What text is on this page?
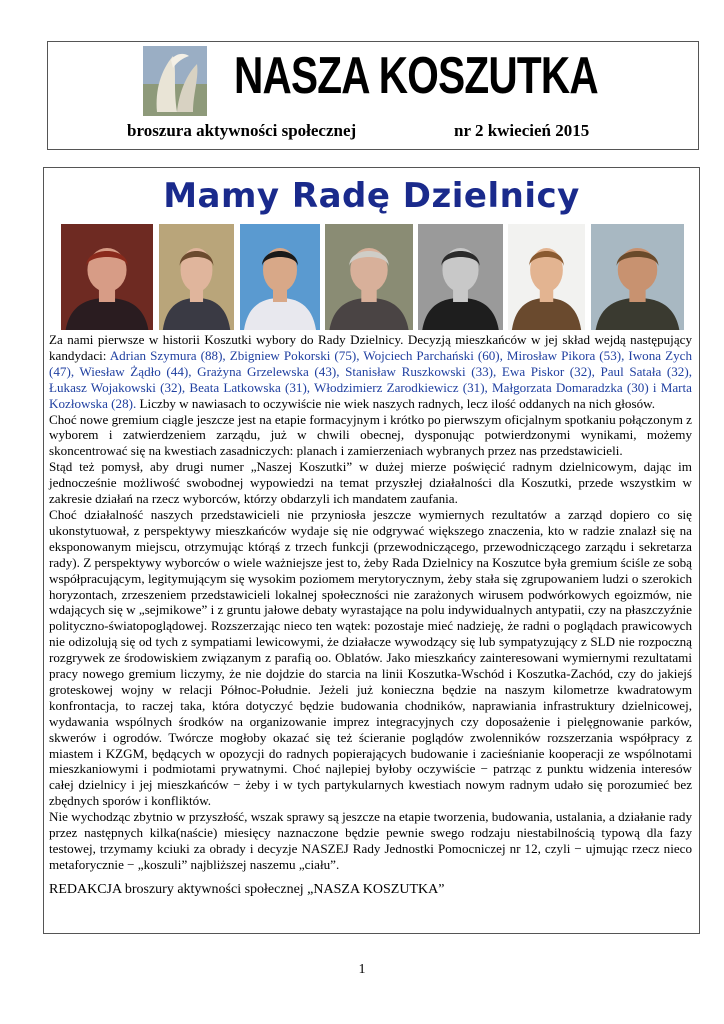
NASZA KOSZUTKA
broszura aktywności społecznej	nr 2 kwiecień 2015
Mamy Radę Dzielnicy

Za nami pierwsze w historii Koszutki wybory do Rady Dzielnicy. Decyzją mieszkańców w jej skład wejdą następujący kandydaci: Adrian Szymura (88), Zbigniew Pokorski (75), Wojciech Parchański (60), Mirosław Pikora (53), Iwona Zych (47), Wiesław Żądło (44), Grażyna Grzelewska (43), Stanisław Ruszkowski (33), Ewa Piskor (32), Paul Satała (32), Łukasz Wojakowski (32), Beata Latkowska (31), Włodzimierz Zarodkiewicz (31), Małgorzata Domaradzka (30) i Marta Kozłowska (28). Liczby w nawiasach to oczywiście nie wiek naszych radnych, lecz ilość oddanych na nich głosów.

Choć nowe gremium ciągle jeszcze jest na etapie formacyjnym i krótko po pierwszym oficjalnym spotkaniu połączonym z wyborem i zatwierdzeniem zarządu, już w chwili obecnej, dysponując potwierdzonymi wynikami, możemy skoncentrować się na kwestiach zasadniczych: planach i zamierzeniach wybranych przez nas przedstawicieli.

Stąd też pomysł, aby drugi numer „Naszej Koszutki” w dużej mierze poświęcić radnym dzielnicowym, dając im jednocześnie możliwość swobodnej wypowiedzi na temat przyszłej działalności dla Koszutki, przede wszystkim w zakresie działań na rzecz wyborców, którzy obdarzyli ich mandatem zaufania.

Choć działalność naszych przedstawicieli nie przyniosła jeszcze wymiernych rezultatów a zarząd dopiero co się ukonstytuował, z perspektywy mieszkańców wydaje się nie odgrywać większego znaczenia, kto w radzie znalazł się na eksponowanym miejscu, otrzymując którąś z trzech funkcji (przewodniczącego, przewodniczącego zarządu i sekretarza rady). Z perspektywy wyborców o wiele ważniejsze jest to, żeby Rada Dzielnicy na Koszutce była gremium ściśle ze sobą współpracującym, legitymującym się wysokim poziomem merytorycznym, żeby stała się zgrupowaniem ludzi o szerokich horyzontach, zrzeszeniem przedstawicieli lokalnej społeczności nie zarażonych wirusem podwórkowych egoizmów, nie wdających się w „sejmikowe” i z gruntu jałowe debaty wyrastające na polu indywidualnych antypatii, czy na płaszczyźnie polityczno-światopoglądowej. Rozszerzając nieco ten wątek: pozostaje mieć nadzieję, że radni o poglądach prawicowych nie odizolują się od tych z sympatiami lewicowymi, że działacze wywodzący się lub sympatyzujący z SLD nie rozpoczną rozgrywek ze środowiskiem związanym z parafią oo. Oblatów. Jako mieszkańcy zainteresowani wymiernymi rezultatami pracy nowego gremium liczymy, że nie dojdzie do starcia na linii Koszutka-Wschód i Koszutka-Zachód, czy do jakiejś groteskowej wojny w relacji Północ-Południe. Jeżeli już konieczna będzie na naszym kilometrze kwadratowym konfrontacja, to raczej taka, która dotyczyć będzie budowania chodników, naprawiania infrastruktury dzielnicowej, wydawania wspólnych środków na organizowanie imprez integracyjnych czy doposażenie i pielęgnowanie parków, skwerów i ogrodów. Twórcze mogłoby okazać się też ścieranie poglądów zwolenników rozszerzania współpracy z miastem i KZGM, będących w opozycji do radnych popierających budowanie i zacieśnianie kooperacji ze wspólnotami mieszkaniowymi i podmiotami prywatnymi. Choć najlepiej byłoby oczywiście − patrząc z punktu widzenia interesów całej dzielnicy i jej mieszkańców − żeby i w tych partykularnych kwestiach nowym radnym udało się porozumieć bez zbędnych sporów i konfliktów.

Nie wychodząc zbytnio w przyszłość, wszak sprawy są jeszcze na etapie tworzenia, budowania, ustalania, a działanie rady przez następnych kilka(naście) miesięcy naznaczone będzie pewnie swego rodzaju niestabilnością typową dla fazy testowej, trzymamy kciuki za obrady i decyzje NASZEJ Rady Jednostki Pomocniczej nr 12, czyli − ujmując rzecz nieco metaforycznie − „koszuli” najbliższej naszemu „ciału”.

REDAKCJA broszury aktywności społecznej „NASZA KOSZUTKA”
1
